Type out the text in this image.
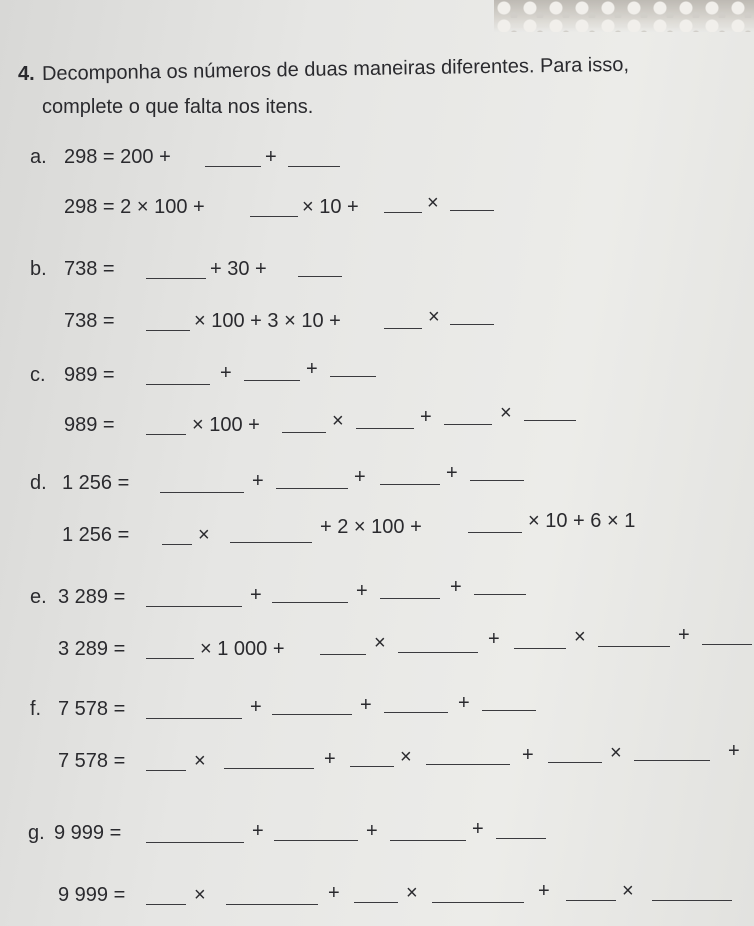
4. Decomponha os números de duas maneiras diferentes. Para isso,
complete o que falta nos itens.
a. 298 = 200 +	+
298 = 2 × 100 +	× 10 +	×
b. 738 =	+ 30 +
738 =	× 100 + 3 × 10 +	×
c. 989 =	+	+
989 =	× 100 +	×	+	×
d. 1 256 =	+	+	+
1 256 =	×	+ 2 × 100 +	× 10 + 6 × 1
e. 3 289 =	+	+	+
3 289 =	× 1 000 +	×	+	×	+
f. 7 578 =	+	+	+
7 578 =	×	+	×	+	×	+
g. 9 999 =	+	+	+
9 999 =	×	+	×	+	×
